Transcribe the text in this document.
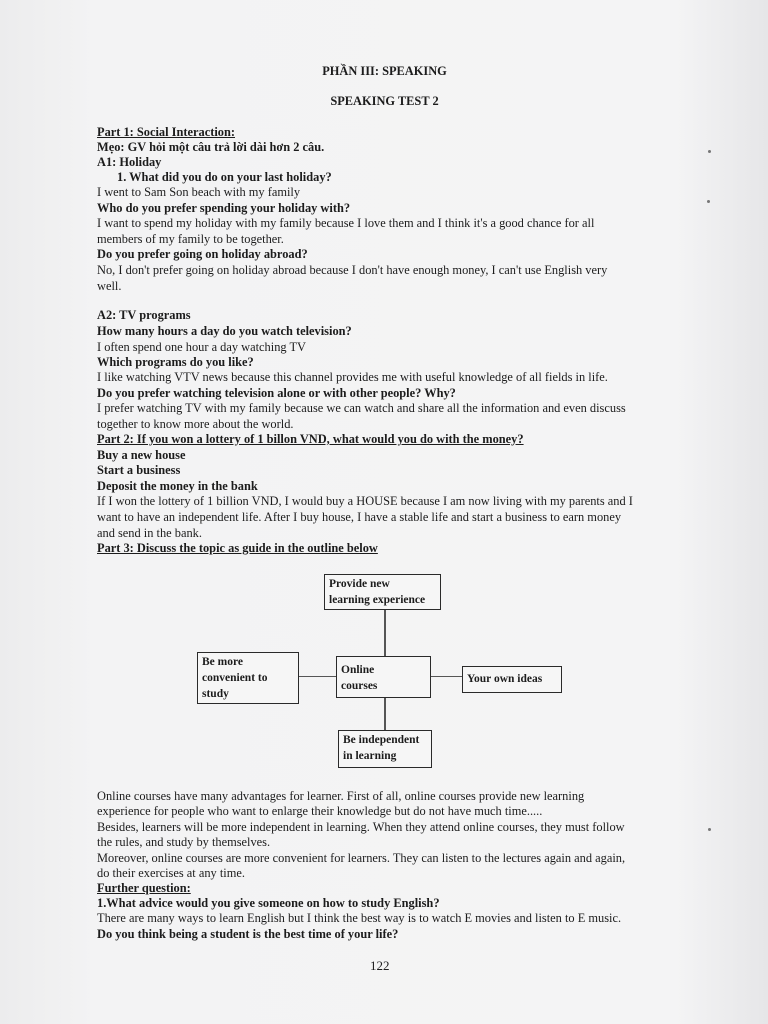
PHẦN III: SPEAKING
SPEAKING TEST 2
Part 1: Social Interaction:
Mẹo: GV hỏi một câu trả lời dài hơn 2 câu.
A1: Holiday
1. What did you do on your last holiday?
I went to Sam Son beach with my family
Who do you prefer spending your holiday with?
I want to spend my holiday with my family because I love them and I think it's a good chance for all
members of my family to be together.
Do you prefer going on holiday abroad?
No, I don't prefer going on holiday abroad because I don't have enough money, I can't use English very
well.
A2: TV programs
How many hours a day do you watch television?
I often spend one hour a day watching TV
Which programs do you like?
I like watching VTV news because this channel provides me with useful knowledge of all fields in life.
Do you prefer watching television alone or with other people? Why?
I prefer watching TV with my family because we can watch and share all the information and even discuss
together to know more about the world.
Part 2: If you won a lottery of 1 billon VND, what would you do with the money?
Buy a new house
Start a business
Deposit the money in the bank
If I won the lottery of 1 billion VND, I would buy a HOUSE because I am now living with my parents and I
want to have an independent life. After I buy house, I have a stable life and start a business to earn money
and send in the bank.
Part 3: Discuss the topic as guide in the outline below
Provide new
learning experience
Be more
convenient to
study
Online
courses
Your own ideas
Be independent
in learning
Online courses have many advantages for learner. First of all, online courses provide new learning
experience for people who want to enlarge their knowledge but do not have much time.....
Besides, learners will be more independent in learning. When they attend online courses, they must follow
the rules, and study by themselves.
Moreover, online courses are more convenient for learners. They can listen to the lectures again and again,
do their exercises at any time.
Further question:
1.What advice would you give someone on how to study English?
There are many ways to learn English but I think the best way is to watch E movies and listen to E music.
Do you think being a student is the best time of your life?
122
